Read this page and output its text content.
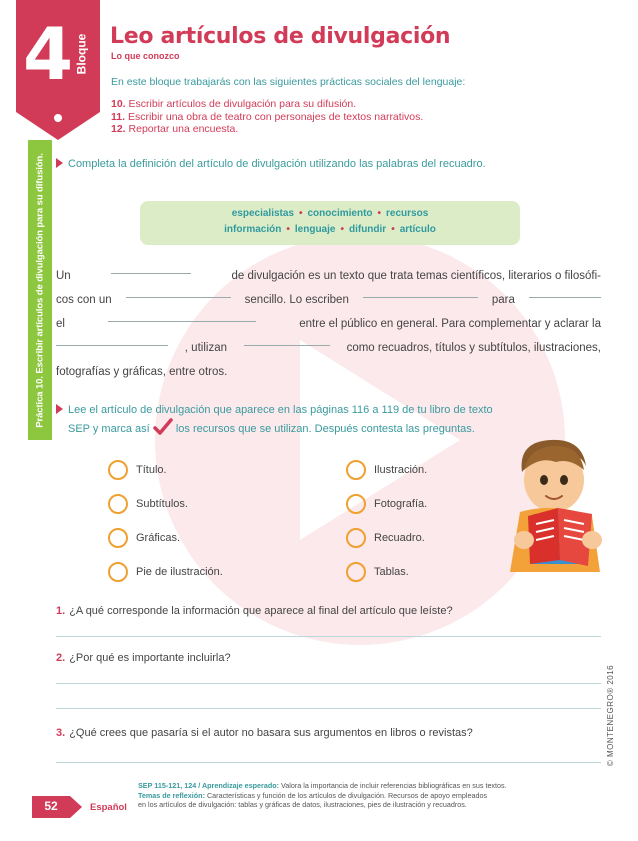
4 Bloque
Práctica 10. Escribir artículos de divulgación para su difusión.
Leo artículos de divulgación
Lo que conozco
En este bloque trabajarás con las siguientes prácticas sociales del lenguaje:
10. Escribir artículos de divulgación para su difusión.
11. Escribir una obra de teatro con personajes de textos narrativos.
12. Reportar una encuesta.
Completa la definición del artículo de divulgación utilizando las palabras del recuadro.
especialistas • conocimiento • recursos
información • lenguaje • difundir • artículo
Un	de divulgación es un texto que trata temas científicos, literarios o filosófi-
cos con un	sencillo. Lo escriben	para
el	entre el público en general. Para complementar y aclarar la
, utilizan	como recuadros, títulos y subtítulos, ilustraciones,
fotografías y gráficas, entre otros.
Lee el artículo de divulgación que aparece en las páginas 116 a 119 de tu libro de texto
SEP y marca así los recursos que se utilizan. Después contesta las preguntas.
Título.
Subtítulos.
Gráficas.
Pie de ilustración.
Ilustración.
Fotografía.
Recuadro.
Tablas.
1. ¿A qué corresponde la información que aparece al final del artículo que leíste?
2. ¿Por qué es importante incluirla?
3. ¿Qué crees que pasaría si el autor no basara sus argumentos en libros o revistas?	© MONTENEGRO® 2016
52	Español
SEP 115-121, 124 / Aprendizaje esperado: Valora la importancia de incluir referencias bibliográficas en sus textos.
Temas de reflexión: Características y función de los artículos de divulgación. Recursos de apoyo empleados
en los artículos de divulgación: tablas y gráficas de datos, ilustraciones, pies de ilustración y recuadros.
